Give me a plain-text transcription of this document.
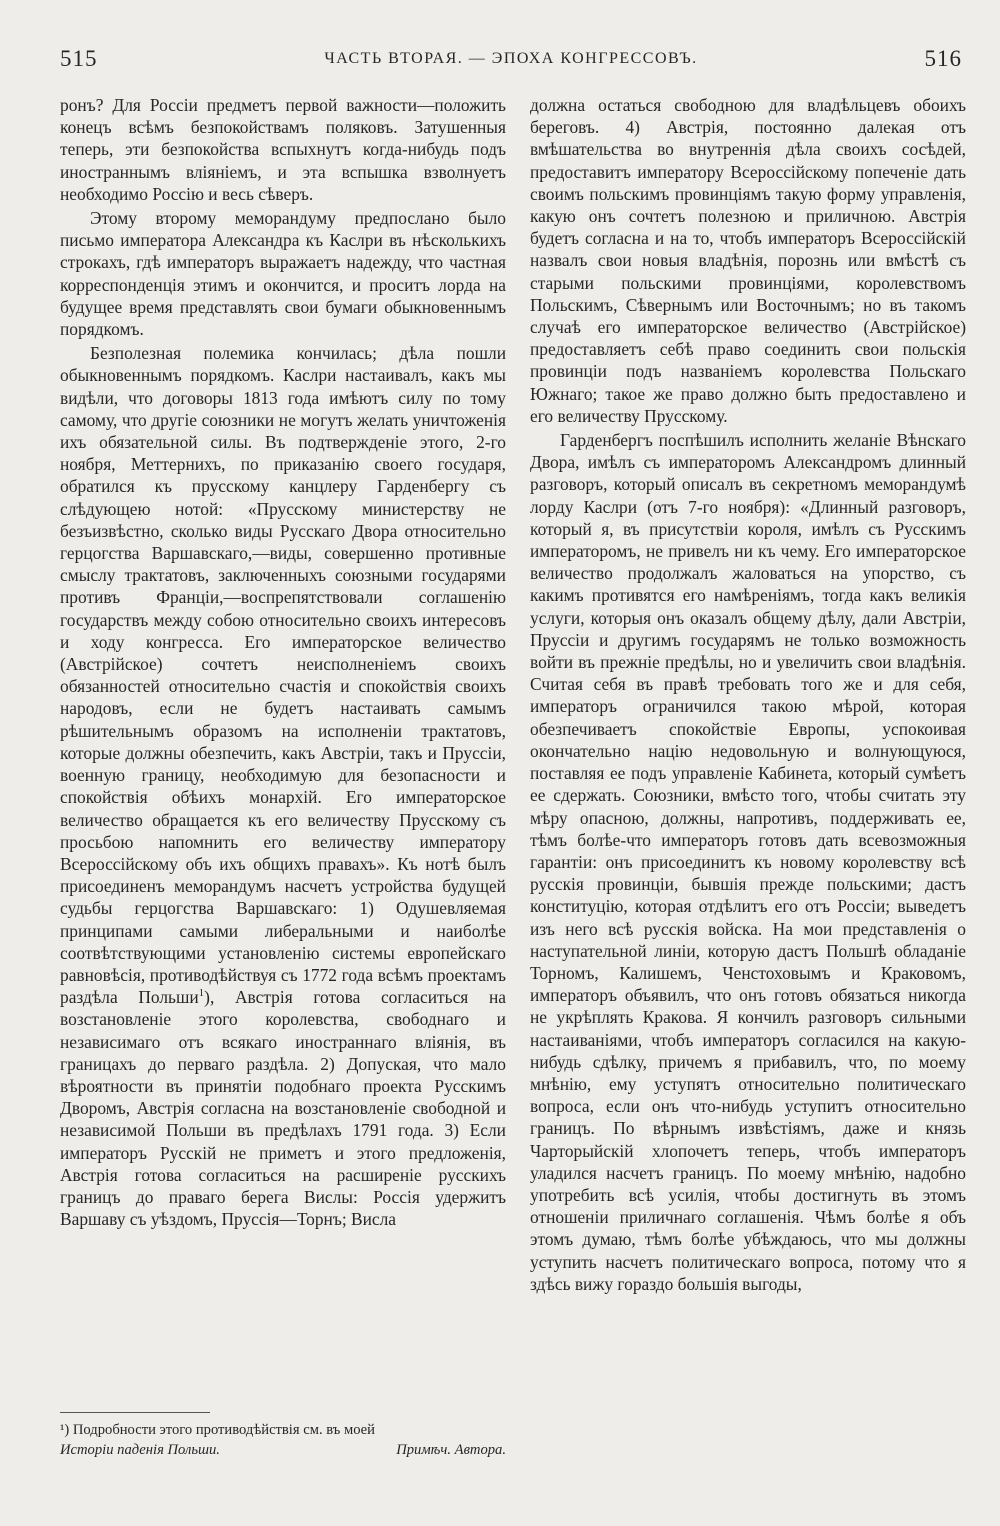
515	ЧАСТЬ ВТОРАЯ. — ЭПОХА КОНГРЕССОВЪ.	516

ронъ? Для Россіи предметъ первой важности—положить конецъ всѣмъ безпокойствамъ поляковъ. Затушенныя теперь, эти безпокойства вспыхнутъ когда-нибудь подъ иностраннымъ вліяніемъ, и эта вспышка взволнуетъ необходимо Россію и весь сѣверъ.

Этому второму меморандуму предпослано было письмо императора Александра къ Каслри въ нѣсколькихъ строкахъ, гдѣ императоръ выражаетъ надежду, что частная корреспонденція этимъ и окончится, и проситъ лорда на будущее время представлять свои бумаги обыкновеннымъ порядкомъ.

Безполезная полемика кончилась; дѣла пошли обыкновеннымъ порядкомъ. Каслри настаивалъ, какъ мы видѣли, что договоры 1813 года имѣютъ силу по тому самому, что другіе союзники не могутъ желать уничтоженія ихъ обязательной силы. Въ подтвержденіе этого, 2-го ноября, Меттернихъ, по приказанію своего государя, обратился къ прусскому канцлеру Гарденбергу съ слѣдующею нотой: «Прусскому министерству не безъизвѣстно, сколько виды Русскаго Двора относительно герцогства Варшавскаго,—виды, совершенно противные смыслу трактатовъ, заключенныхъ союзными государями противъ Франціи,—воспрепятствовали соглашенію государствъ между собою относительно своихъ интересовъ и ходу конгресса. Его императорское величество (Австрійское) сочтетъ неисполненіемъ своихъ обязанностей относительно счастія и спокойствія своихъ народовъ, если не будетъ настаивать самымъ рѣшительнымъ образомъ на исполненіи трактатовъ, которые должны обезпечить, какъ Австріи, такъ и Пруссіи, военную границу, необходимую для безопасности и спокойствія обѣихъ монархій. Его императорское величество обращается къ его величеству Прусскому съ просьбою напомнить его величеству императору Всероссійскому объ ихъ общихъ правахъ». Къ нотѣ былъ присоединенъ меморандумъ насчетъ устройства будущей судьбы герцогства Варшавскаго: 1) Одушевляемая принципами самыми либеральными и наиболѣе соотвѣтствующими установленію системы европейскаго равновѣсія, противодѣйствуя съ 1772 года всѣмъ проектамъ раздѣла Польши$^1$), Австрія готова согласиться на возстановленіе этого королевства, свободнаго и независимаго отъ всякаго иностраннаго вліянія, въ границахъ до перваго раздѣла. 2) Допуская, что мало вѣроятности въ принятіи подобнаго проекта Русскимъ Дворомъ, Австрія согласна на возстановленіе свободной и независимой Польши въ предѣлахъ 1791 года. 3) Если императоръ Русскій не приметъ и этого предложенія, Австрія готова согласиться на расширеніе русскихъ границъ до праваго берега Вислы: Россія удержитъ Варшаву съ уѣздомъ, Пруссія—Торнъ; Висла

¹) Подробности этого противодѣйствія см. въ моей
Исторіи паденія Польши.	Примѣч. Автора.

должна остаться свободною для владѣльцевъ обоихъ береговъ. 4) Австрія, постоянно далекая отъ вмѣшательства во внутреннія дѣла своихъ сосѣдей, предоставитъ императору Всероссійскому попеченіе дать своимъ польскимъ провинціямъ такую форму управленія, какую онъ сочтетъ полезною и приличною. Австрія будетъ согласна и на то, чтобъ императоръ Всероссійскій назвалъ свои новыя владѣнія, порознь или вмѣстѣ съ старыми польскими провинціями, королевствомъ Польскимъ, Сѣвернымъ или Восточнымъ; но въ такомъ случаѣ его императорское величество (Австрійское) предоставляетъ себѣ право соединить свои польскія провинціи подъ названіемъ королевства Польскаго Южнаго; такое же право должно быть предоставлено и его величеству Прусскому.

Гарденбергъ поспѣшилъ исполнить желаніе Вѣнскаго Двора, имѣлъ съ императоромъ Александромъ длинный разговоръ, который описалъ въ секретномъ меморандумѣ лорду Каслри (отъ 7-го ноября): «Длинный разговоръ, который я, въ присутствіи короля, имѣлъ съ Русскимъ императоромъ, не привелъ ни къ чему. Его императорское величество продолжалъ жаловаться на упорство, съ какимъ противятся его намѣреніямъ, тогда какъ великія услуги, которыя онъ оказалъ общему дѣлу, дали Австріи, Пруссіи и другимъ государямъ не только возможность войти въ прежніе предѣлы, но и увеличить свои владѣнія. Считая себя въ правѣ требовать того же и для себя, императоръ ограничился такою мѣрой, которая обезпечиваетъ спокойствіе Европы, успокоивая окончательно націю недовольную и волнующуюся, поставляя ее подъ управленіе Кабинета, который сумѣетъ ее сдержать. Союзники, вмѣсто того, чтобы считать эту мѣру опасною, должны, напротивъ, поддерживать ее, тѣмъ болѣе-что императоръ готовъ дать всевозможныя гарантіи: онъ присоединитъ къ новому королевству всѣ русскія провинціи, бывшія прежде польскими; дастъ конституцію, которая отдѣлитъ его отъ Россіи; выведетъ изъ него всѣ русскія войска. На мои представленія о наступательной линіи, которую дастъ Польшѣ обладаніе Торномъ, Калишемъ, Ченстоховымъ и Краковомъ, императоръ объявилъ, что онъ готовъ обязаться никогда не укрѣплять Кракова. Я кончилъ разговоръ сильными настаиваніями, чтобъ императоръ согласился на какую-нибудь сдѣлку, причемъ я прибавилъ, что, по моему мнѣнію, ему уступятъ относительно политическаго вопроса, если онъ что-нибудь уступитъ относительно границъ. По вѣрнымъ извѣстіямъ, даже и князь Чарторыйскій хлопочетъ теперь, чтобъ императоръ уладился насчетъ границъ. По моему мнѣнію, надобно употребить всѣ усилія, чтобы достигнуть въ этомъ отношеніи приличнаго соглашенія. Чѣмъ болѣе я объ этомъ думаю, тѣмъ болѣе убѣждаюсь, что мы должны уступить насчетъ политическаго вопроса, потому что я здѣсь вижу гораздо большія выгоды,
